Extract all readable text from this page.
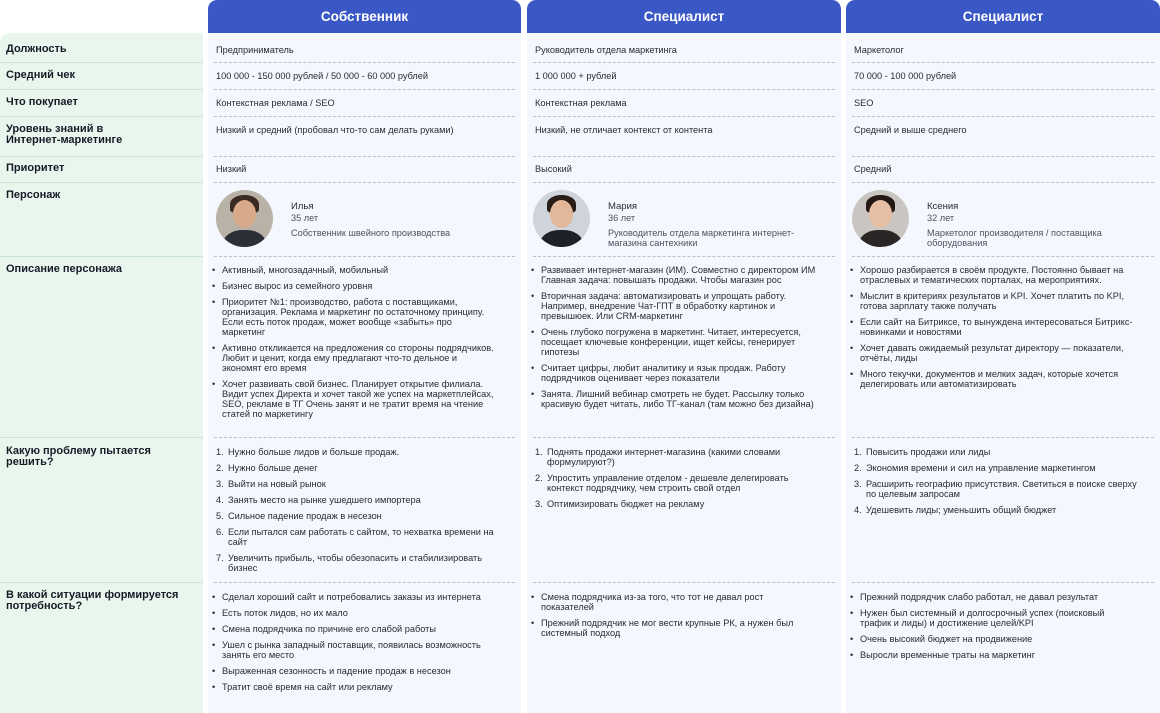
Собственник	Специалист	Специалист
Должность
Средний чек
Что покупает
Уровень знаний в Интернет-маркетинге
Приоритет
Персонаж
Описание персонажа
Какую проблему пытается решить?
В какой ситуации формируется потребность?
Предприниматель
100 000 - 150 000 рублей / 50 000 - 60 000 рублей
Контекстная реклама / SEO
Низкий и средний (пробовал что-то сам делать руками)
Низкий
Илья
35 лет
Собственник швейного производства
• Активный, многозадачный, мобильный
• Бизнес вырос из семейного уровня
• Приоритет №1: производство, работа с поставщиками, организация. Реклама и маркетинг по остаточному принципу. Если есть поток продаж, может вообще «забыть» про маркетинг
• Активно откликается на предложения со стороны подрядчиков. Любит и ценит, когда ему предлагают что-то дельное и экономят его время
• Хочет развивать свой бизнес. Планирует открытие филиала. Видит успех Директа и хочет такой же успех на маркетплейсах, SEO, рекламе в ТГ Очень занят и не тратит время на чтение статей по маркетингу
1. Нужно больше лидов и больше продаж.
2. Нужно больше денег
3. Выйти на новый рынок
4. Занять место на рынке ушедшего импортера
5. Сильное падение продаж в несезон
6. Если пытался сам работать с сайтом, то нехватка времени на сайт
7. Увеличить прибыль, чтобы обезопасить и стабилизировать бизнес
• Сделал хороший сайт и потребовались заказы из интернета
• Есть поток лидов, но их мало
• Смена подрядчика по причине его слабой работы
• Ушел с рынка западный поставщик, появилась возможность занять его место
• Выраженная сезонность и падение продаж в несезон
• Тратит своё время на сайт или рекламу
Руководитель отдела маркетинга
1 000 000 + рублей
Контекстная реклама
Низкий, не отличает контекст от контента
Высокий
Мария
36 лет
Руководитель отдела маркетинга интернет-магазина сантехники
• Развивает интернет-магазин (ИМ). Совместно с директором ИМ Главная задача: повышать продажи. Чтобы магазин рос
• Вторичная задача: автоматизировать и упрощать работу. Например, внедрение Чат-ГПТ в обработку картинок и превышюек. Или CRM-маркетинг
• Очень глубоко погружена в маркетинг. Читает, интересуется, посещает ключевые конференции, ищет кейсы, генерирует гипотезы
• Считает цифры, любит аналитику и язык продаж. Работу подрядчиков оценивает через показатели
• Занята. Лишний вебинар смотреть не будет. Рассылку только красивую будет читать, либо ТГ-канал (там можно без дизайна)
1. Поднять продажи интернет-магазина (какими словами формулируют?)
2. Упростить управление отделом - дешевле делегировать контекст подрядчику, чем строить свой отдел
3. Оптимизировать бюджет на рекламу
• Смена подрядчика из-за того, что тот не давал рост показателей
• Прежний подрядчик не мог вести крупные РК, а нужен был системный подход
Маркетолог
70 000 - 100 000 рублей
SEO
Средний и выше среднего
Средний
Ксения
32 лет
Маркетолог производителя / поставщика оборудования
• Хорошо разбирается в своём продукте. Постоянно бывает на отраслевых и тематических порталах, на мероприятиях.
• Мыслит в критериях результатов и KPI. Хочет платить по KPI, готова зарплату также получать
• Если сайт на Битриксе, то вынуждена интересоваться Битрикс-новинками и новостями
• Хочет давать ожидаемый результат директору — показатели, отчёты, лиды
• Много текучки, документов и мелких задач, которые хочется делегировать или автоматизировать
1. Повысить продажи или лиды
2. Экономия времени и сил на управление маркетингом
3. Расширить географию присутствия. Светиться в поиске сверху по целевым запросам
4. Удешевить лиды; уменьшить общий бюджет
• Прежний подрядчик слабо работал, не давал результат
• Нужен был системный и долгосрочный успех (поисковый трафик и лиды) и достижение целей/KPI
• Очень высокий бюджет на продвижение
• Выросли временные траты на маркетинг
